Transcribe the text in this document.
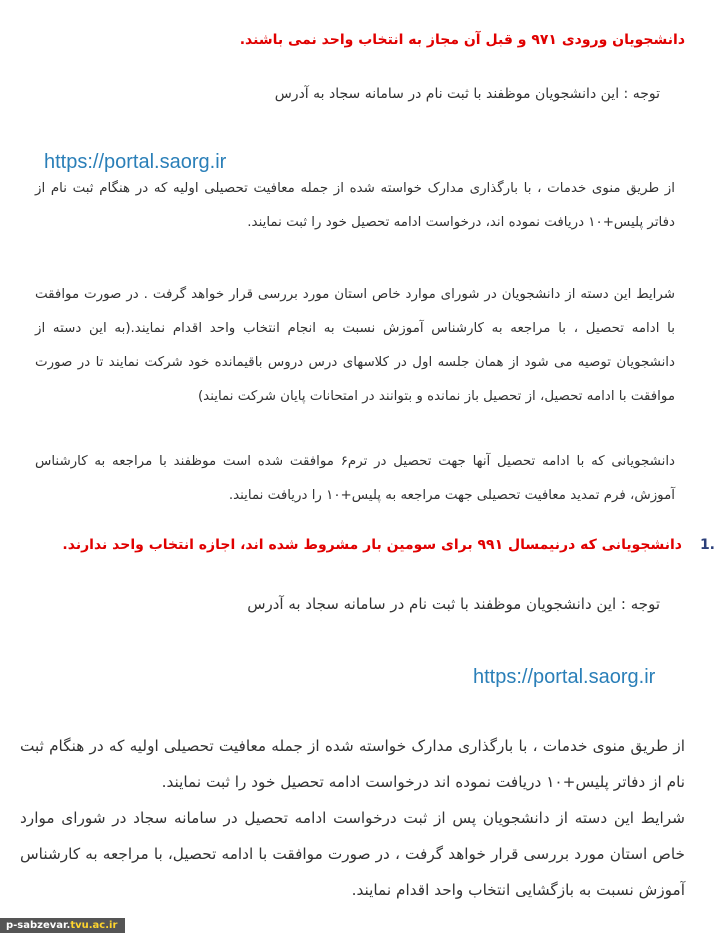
دانشجویان ورودی ۹۷۱ و قبل آن مجاز به انتخاب واحد نمی باشند.
توجه : این دانشجویان موظفند با ثبت نام در سامانه سجاد به آدرس
https://portal.saorg.ir
از طریق منوی خدمات ، با بارگذاری مدارک خواسته شده از جمله معافیت تحصیلی اولیه که در هنگام ثبت نام از دفاتر پلیس+۱۰ دریافت نموده اند، درخواست ادامه تحصیل خود را ثبت نمایند.
شرایط این دسته از دانشجویان در شورای موارد خاص استان مورد بررسی قرار خواهد گرفت . در صورت موافقت با ادامه تحصیل ، با مراجعه به کارشناس آموزش نسبت به انجام انتخاب واحد اقدام نمایند.(به این دسته از دانشجویان توصیه می شود از همان جلسه اول در کلاسهای درس دروس باقیمانده خود شرکت نمایند تا در صورت موافقت با ادامه تحصیل، از تحصیل باز نمانده و بتوانند در امتحانات پایان شرکت نمایند)
دانشجویانی که با ادامه تحصیل آنها جهت تحصیل در ترم۶ موافقت شده است موظفند با مراجعه به کارشناس آموزش، فرم تمدید معافیت تحصیلی جهت مراجعه به پلیس+۱۰ را دریافت نمایند.
1.
دانشجویانی که درنیمسال ۹۹۱ برای سومین بار مشروط شده اند، اجازه انتخاب واحد ندارند.
توجه : این دانشجویان موظفند با ثبت نام در سامانه سجاد به آدرس
https://portal.saorg.ir
از طریق منوی خدمات ، با بارگذاری مدارک خواسته شده از جمله معافیت تحصیلی اولیه که در هنگام ثبت نام از دفاتر پلیس+۱۰ دریافت نموده اند درخواست ادامه تحصیل خود را ثبت نمایند.
شرایط این دسته از دانشجویان پس از ثبت درخواست ادامه تحصیل در سامانه سجاد در شورای موارد خاص استان مورد بررسی قرار خواهد گرفت ، در صورت موافقت با ادامه تحصیل، با مراجعه به کارشناس آموزش نسبت به بازگشایی انتخاب واحد اقدام نمایند.
p-sabzevar.tvu.ac.ir
